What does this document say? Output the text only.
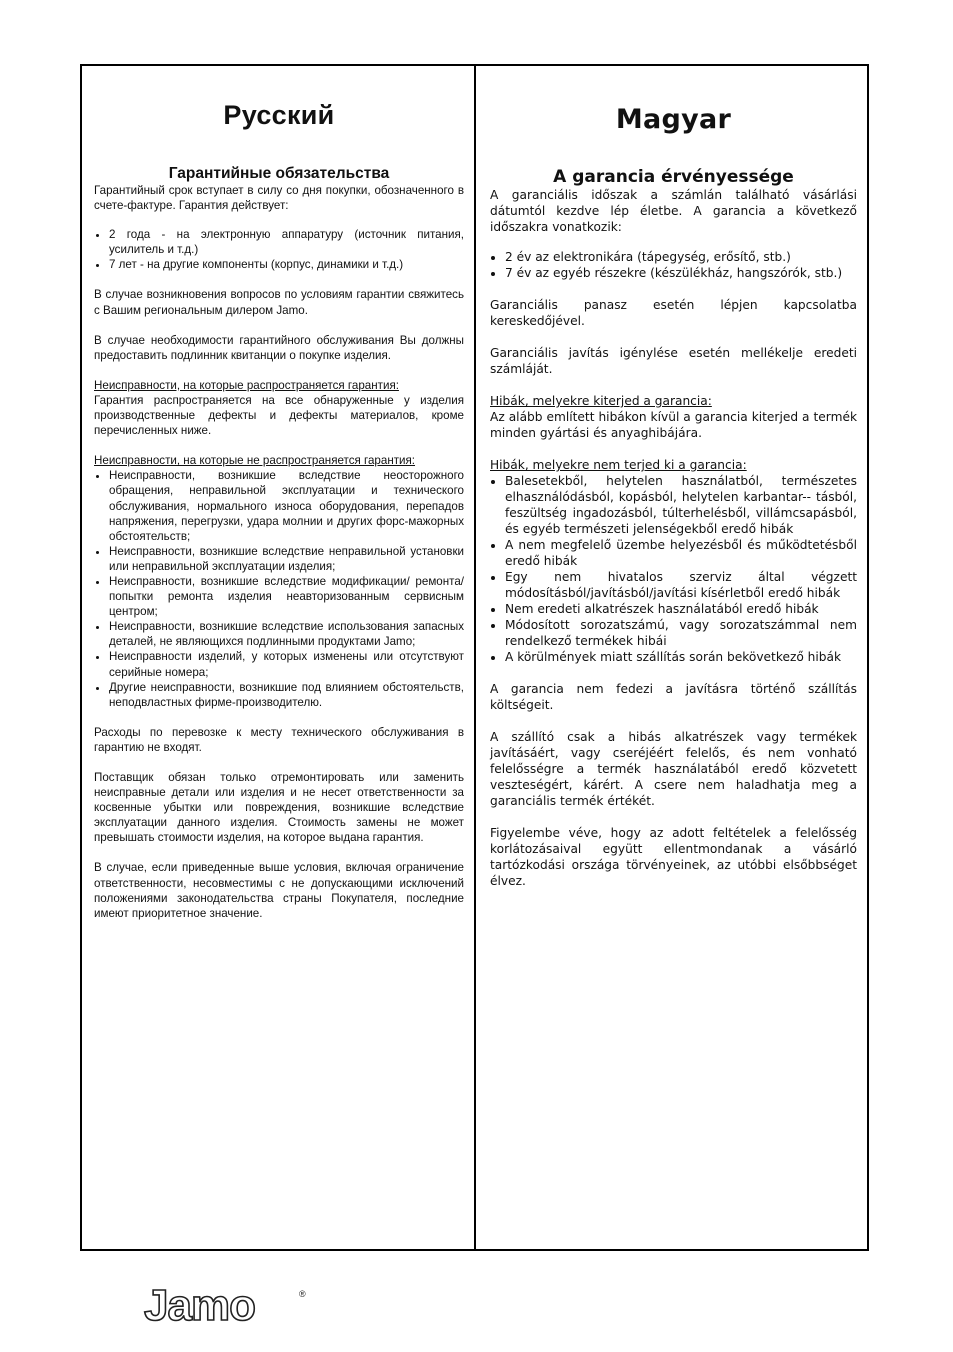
Русский
Гарантийные обязательства

Гарантийный срок вступает в силу со дня покупки, обозначенного в счете-фактуре. Гарантия действует:

• 2 года - на электронную аппаратуру (источник питания, усилитель и т.д.)
• 7 лет - на другие компоненты (корпус, динамики и т.д.)

В случае возникновения вопросов по условиям гарантии свяжитесь с Вашим региональным дилером Jamo.

В случае необходимости гарантийного обслуживания Вы должны предоставить подлинник квитанции о покупке изделия.

Неисправности, на которые распространяется гарантия:

Гарантия распространяется на все обнаруженные у изделия производственные дефекты и дефекты материалов, кроме перечисленных ниже.

Неисправности, на которые не распространяется гарантия:

• Неисправности, возникшие вследствие неосторожного обращения, неправильной эксплуатации и технического обслуживания, нормального износа оборудования, перепадов напряжения, перегрузки, удара молнии и других форс-мажорных обстоятельств;
• Неисправности, возникшие вследствие неправильной установки или неправильной эксплуатации изделия;
• Неисправности, возникшие вследствие модификации/ ремонта/попытки ремонта изделия неавторизованным сервисным центром;
• Неисправности, возникшие вследствие использования запасных деталей, не являющихся подлинными продуктами Jamo;
• Неисправности изделий, у которых изменены или отсутствуют серийные номера;
• Другие неисправности, возникшие под влиянием обстоятельств, неподвластных фирме-производителю.

Расходы по перевозке к месту технического обслуживания в гарантию не входят.

Поставщик обязан только отремонтировать или заменить неисправные детали или изделия и не несет ответственности за косвенные убытки или повреждения, возникшие вследствие эксплуатации данного изделия. Стоимость замены не может превышать стоимости изделия, на которое выдана гарантия.

В случае, если приведенные выше условия, включая ограничение ответственности, несовместимы с не допускающими исключений положениями законодательства страны Покупателя, последние имеют приоритетное значение.

Magyar
A garancia érvényessége

A garanciális időszak a számlán található vásárlási dátumtól kezdve lép életbe. A garancia a következő időszakra vonatkozik:

• 2 év az elektronikára (tápegység, erősítő, stb.)
• 7 év az egyéb részekre (készülékház, hangszórók, stb.)

Garanciális panasz esetén lépjen kapcsolatba kereskedőjével.

Garanciális javítás igénylése esetén mellékelje eredeti számláját.

Hibák, melyekre kiterjed a garancia:

Az alább említett hibákon kívül a garancia kiterjed a termék minden gyártási és anyaghibájára.

Hibák, melyekre nem terjed ki a garancia:

• Balesetekből, helytelen használatból, természetes elhasználódásból, kopásból, helytelen karbantar-- tásból, feszültség ingadozásból, túlterhelésből, villámcsapásból, és egyéb természeti jelenségekből eredő hibák
• A nem megfelelő üzembe helyezésből és működtetésből eredő hibák
• Egy nem hivatalos szerviz által végzett módosításból/javításból/javítási kísérletből eredő hibák
• Nem eredeti alkatrészek használatából eredő hibák
• Módosított sorozatszámú, vagy sorozatszámmal nem rendelkező termékek hibái
• A körülmények miatt szállítás során bekövetkező hibák

A garancia nem fedezi a javításra történő szállítás költségeit.

A szállító csak a hibás alkatrészek vagy termékek javításáért, vagy cseréjéért felelős, és nem vonható felelősségre a termék használatából eredő közvetett veszteségért, kárért. A csere nem haladhatja meg a garanciális termék értékét.

Figyelembe véve, hogy az adott feltételek a felelősség korlátozásaival együtt ellentmondanak a vásárló tartózkodási országa törvényeinek, az utóbbi elsőbbséget élvez.

Jamo	®
